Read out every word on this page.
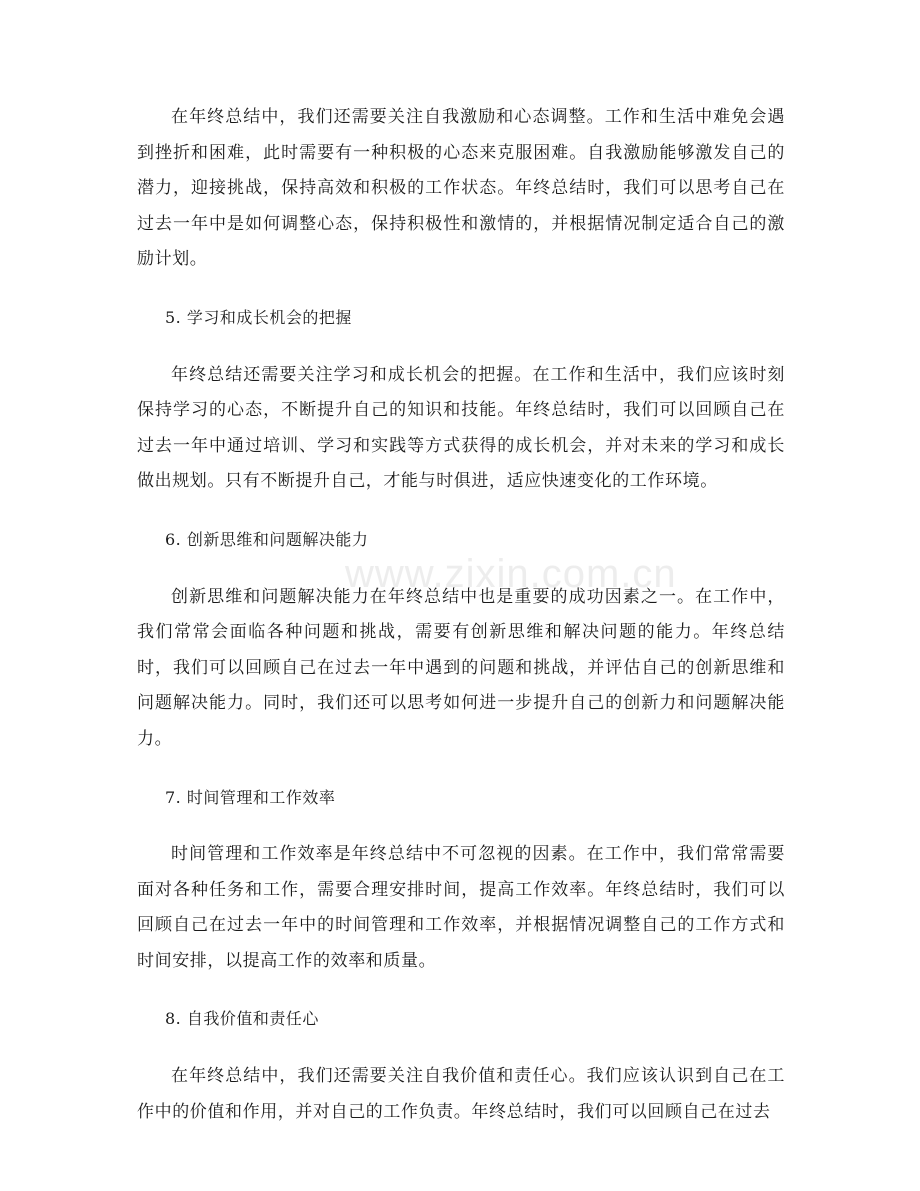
在年终总结中，我们还需要关注自我激励和心态调整。工作和生活中难免会遇到挫折和困难，此时需要有一种积极的心态来克服困难。自我激励能够激发自己的潜力，迎接挑战，保持高效和积极的工作状态。年终总结时，我们可以思考自己在过去一年中是如何调整心态，保持积极性和激情的，并根据情况制定适合自己的激励计划。

5. 学习和成长机会的把握

年终总结还需要关注学习和成长机会的把握。在工作和生活中，我们应该时刻保持学习的心态，不断提升自己的知识和技能。年终总结时，我们可以回顾自己在过去一年中通过培训、学习和实践等方式获得的成长机会，并对未来的学习和成长做出规划。只有不断提升自己，才能与时俱进，适应快速变化的工作环境。

6. 创新思维和问题解决能力

创新思维和问题解决能力在年终总结中也是重要的成功因素之一。在工作中，我们常常会面临各种问题和挑战，需要有创新思维和解决问题的能力。年终总结时，我们可以回顾自己在过去一年中遇到的问题和挑战，并评估自己的创新思维和问题解决能力。同时，我们还可以思考如何进一步提升自己的创新力和问题解决能力。

7. 时间管理和工作效率

时间管理和工作效率是年终总结中不可忽视的因素。在工作中，我们常常需要面对各种任务和工作，需要合理安排时间，提高工作效率。年终总结时，我们可以回顾自己在过去一年中的时间管理和工作效率，并根据情况调整自己的工作方式和时间安排，以提高工作的效率和质量。

8. 自我价值和责任心

在年终总结中，我们还需要关注自我价值和责任心。我们应该认识到自己在工作中的价值和作用，并对自己的工作负责。年终总结时，我们可以回顾自己在过去

www.zixin.com.cn
